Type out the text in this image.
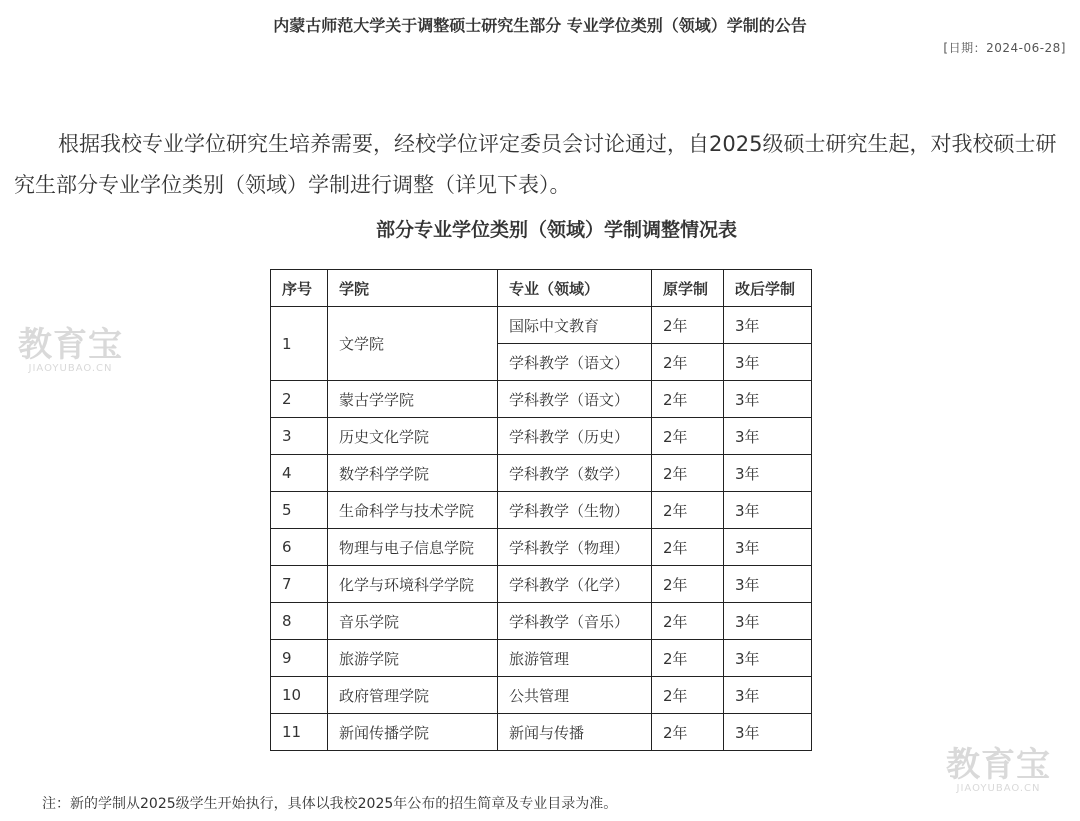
内蒙古师范大学关于调整硕士研究生部分 专业学位类别（领域）学制的公告
[日期：2024-06-28]

根据我校专业学位研究生培养需要，经校学位评定委员会讨论通过，自2025级硕士研究生起，对我校硕士研究生部分专业学位类别（领域）学制进行调整（详见下表）。

部分专业学位类别（领域）学制调整情况表
序号	学院	专业（领域）	原学制	改后学制
1	文学院	国际中文教育	2年	3年
		学科教学（语文）	2年	3年
2	蒙古学学院	学科教学（语文）	2年	3年
3	历史文化学院	学科教学（历史）	2年	3年
4	数学科学学院	学科教学（数学）	2年	3年
5	生命科学与技术学院	学科教学（生物）	2年	3年
6	物理与电子信息学院	学科教学（物理）	2年	3年
7	化学与环境科学学院	学科教学（化学）	2年	3年
8	音乐学院	学科教学（音乐）	2年	3年
9	旅游学院	旅游管理	2年	3年
10	政府管理学院	公共管理	2年	3年
11	新闻传播学院	新闻与传播	2年	3年
注：新的学制从2025级学生开始执行，具体以我校2025年公布的招生简章及专业目录为准。
教育宝
JIAOYUBAO.CN
教育宝
JIAOYUBAO.CN
